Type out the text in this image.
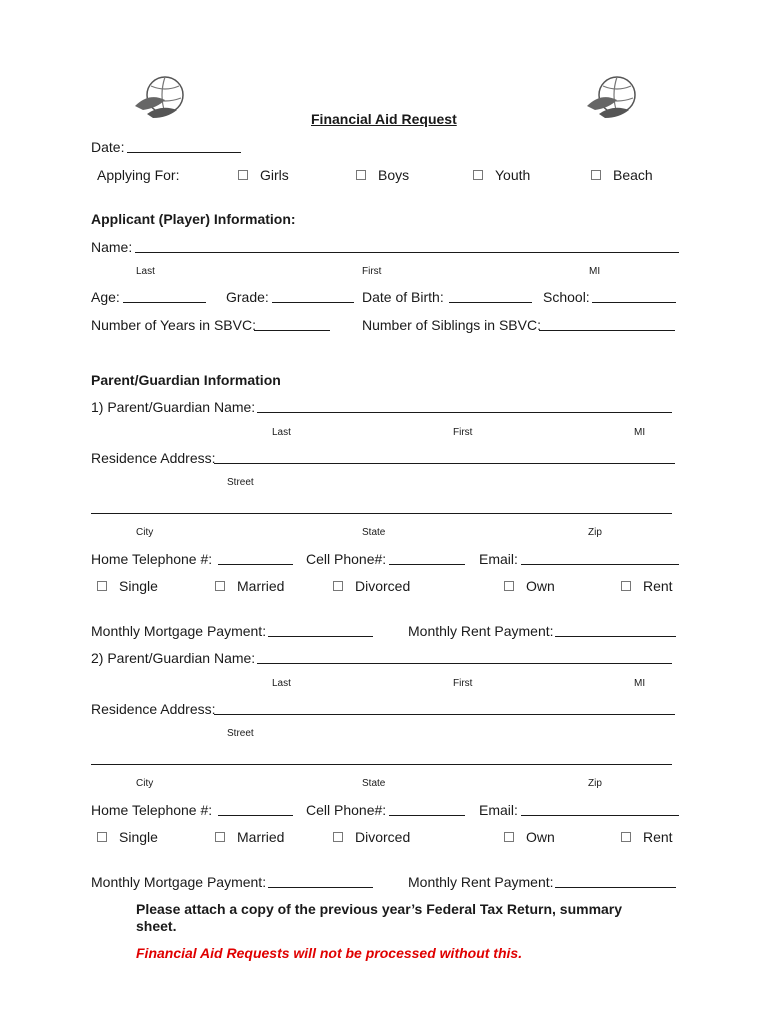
Financial Aid Request
Date:
Applying For:	Girls	Boys	Youth	Beach
Applicant (Player) Information:
Name:
Last	First	MI
Age:	Grade:	Date of Birth:	School:
Number of Years in SBVC:	Number of Siblings in SBVC:
Parent/Guardian Information
1) Parent/Guardian Name:
Last	First	MI
Residence Address:
Street
City	State	Zip
Home Telephone #:	Cell Phone#:	Email:
Single	Married	Divorced	Own	Rent
Monthly Mortgage Payment:	Monthly Rent Payment:
2) Parent/Guardian Name:
Last	First	MI
Residence Address:
Street
City	State	Zip
Home Telephone #:	Cell Phone#:	Email:
Single	Married	Divorced	Own	Rent
Monthly Mortgage Payment:	Monthly Rent Payment:
Please attach a copy of the previous year’s Federal Tax Return, summary
sheet.
Financial Aid Requests will not be processed without this.
